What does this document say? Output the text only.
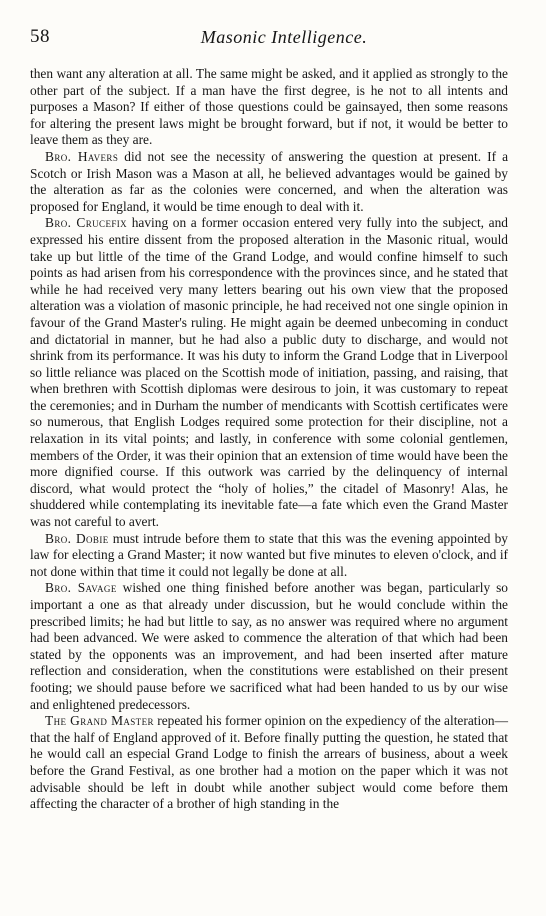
58	Masonic Intelligence.

then want any alteration at all. The same might be asked, and it applied as strongly to the other part of the subject. If a man have the first degree, is he not to all intents and purposes a Mason? If either of those questions could be gainsayed, then some reasons for altering the present laws might be brought forward, but if not, it would be better to leave them as they are.

Bro. Havers did not see the necessity of answering the question at present. If a Scotch or Irish Mason was a Mason at all, he believed advantages would be gained by the alteration as far as the colonies were concerned, and when the alteration was proposed for England, it would be time enough to deal with it.

Bro. Crucefix having on a former occasion entered very fully into the subject, and expressed his entire dissent from the proposed alteration in the Masonic ritual, would take up but little of the time of the Grand Lodge, and would confine himself to such points as had arisen from his correspondence with the provinces since, and he stated that while he had received very many letters bearing out his own view that the proposed alteration was a violation of masonic principle, he had received not one single opinion in favour of the Grand Master's ruling. He might again be deemed unbecoming in conduct and dictatorial in manner, but he had also a public duty to discharge, and would not shrink from its performance. It was his duty to inform the Grand Lodge that in Liverpool so little reliance was placed on the Scottish mode of initiation, passing, and raising, that when brethren with Scottish diplomas were desirous to join, it was customary to repeat the ceremonies; and in Durham the number of mendicants with Scottish certificates were so numerous, that English Lodges required some protection for their discipline, not a relaxation in its vital points; and lastly, in conference with some colonial gentlemen, members of the Order, it was their opinion that an extension of time would have been the more dignified course. If this outwork was carried by the delinquency of internal discord, what would protect the “holy of holies,” the citadel of Masonry! Alas, he shuddered while contemplating its inevitable fate—a fate which even the Grand Master was not careful to avert.

Bro. Dobie must intrude before them to state that this was the evening appointed by law for electing a Grand Master; it now wanted but five minutes to eleven o'clock, and if not done within that time it could not legally be done at all.

Bro. Savage wished one thing finished before another was began, particularly so important a one as that already under discussion, but he would conclude within the prescribed limits; he had but little to say, as no answer was required where no argument had been advanced. We were asked to commence the alteration of that which had been stated by the opponents was an improvement, and had been inserted after mature reflection and consideration, when the constitutions were established on their present footing; we should pause before we sacrificed what had been handed to us by our wise and enlightened predecessors.

The Grand Master repeated his former opinion on the expediency of the alteration—that the half of England approved of it. Before finally putting the question, he stated that he would call an especial Grand Lodge to finish the arrears of business, about a week before the Grand Festival, as one brother had a motion on the paper which it was not advisable should be left in doubt while another subject would come before them affecting the character of a brother of high standing in the
